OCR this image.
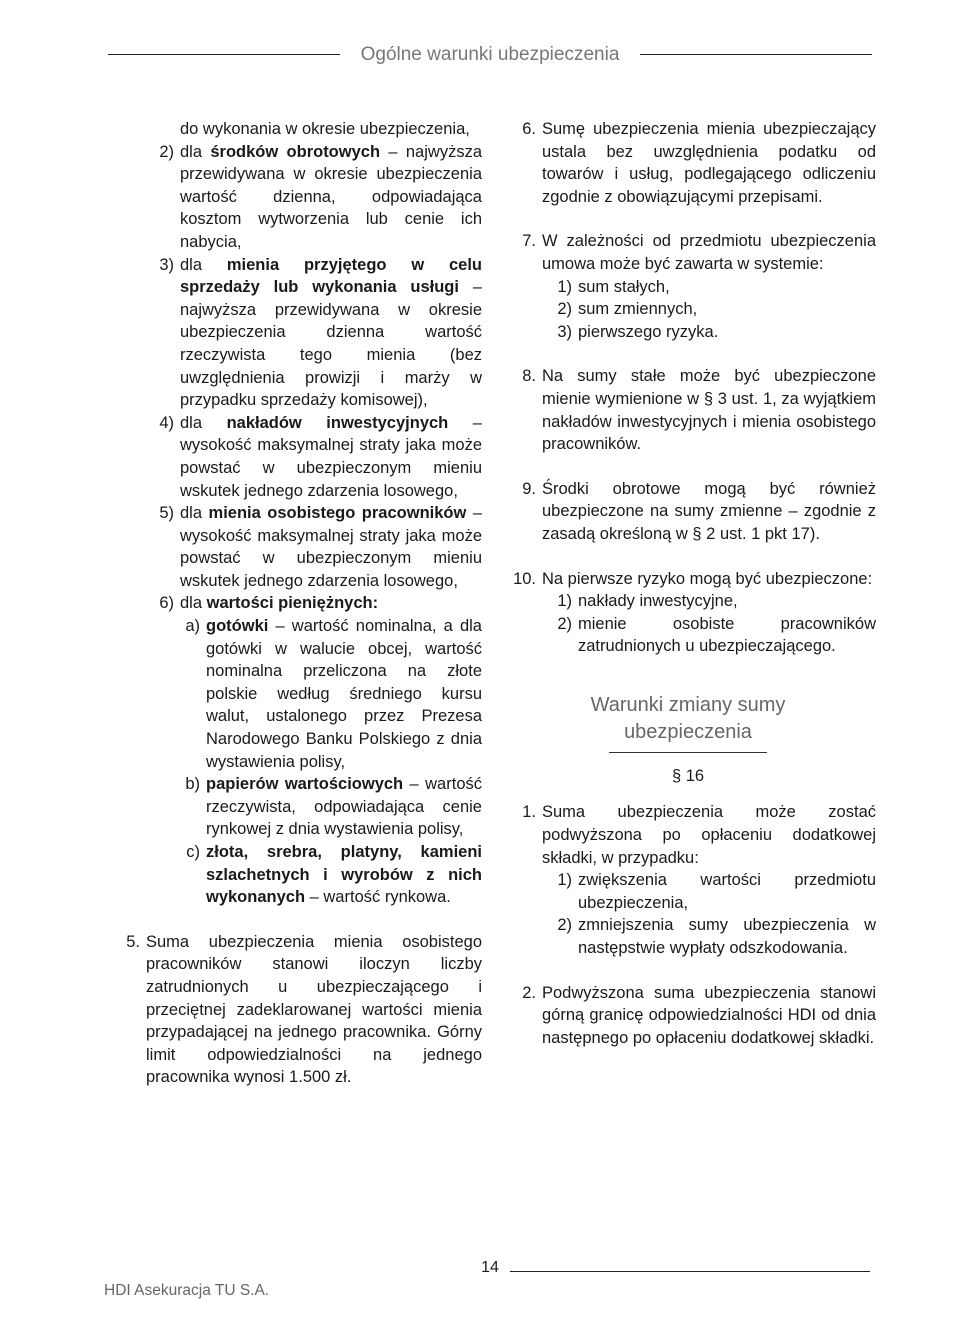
Ogólne warunki ubezpieczenia
do wykonania w okresie ubezpieczenia,
2) dla środków obrotowych – najwyższa przewidywana w okresie ubezpieczenia wartość dzienna, odpowiadająca kosztom wytworzenia lub cenie ich nabycia,
3) dla mienia przyjętego w celu sprzedaży lub wykonania usługi – najwyższa przewidywana w okresie ubezpieczenia dzienna wartość rzeczywista tego mienia (bez uwzględnienia prowizji i marży w przypadku sprzedaży komisowej),
4) dla nakładów inwestycyjnych – wysokość maksymalnej straty jaka może powstać w ubezpieczonym mieniu wskutek jednego zdarzenia losowego,
5) dla mienia osobistego pracowników – wysokość maksymalnej straty jaka może powstać w ubezpieczonym mieniu wskutek jednego zdarzenia losowego,
6) dla wartości pieniężnych:
a) gotówki – wartość nominalna, a dla gotówki w walucie obcej, wartość nominalna przeliczona na złote polskie według średniego kursu walut, ustalonego przez Prezesa Narodowego Banku Polskiego z dnia wystawienia polisy,
b) papierów wartościowych – wartość rzeczywista, odpowiadająca cenie rynkowej z dnia wystawienia polisy,
c) złota, srebra, platyny, kamieni szlachetnych i wyrobów z nich wykonanych – wartość rynkowa.
5. Suma ubezpieczenia mienia osobistego pracowników stanowi iloczyn liczby zatrudnionych u ubezpieczającego i przeciętnej zadeklarowanej wartości mienia przypadającej na jednego pracownika. Górny limit odpowiedzialności na jednego pracownika wynosi 1.500 zł.
6. Sumę ubezpieczenia mienia ubezpieczający ustala bez uwzględnienia podatku od towarów i usług, podlegającego odliczeniu zgodnie z obowiązującymi przepisami.
7. W zależności od przedmiotu ubezpieczenia umowa może być zawarta w systemie:
1) sum stałych,
2) sum zmiennych,
3) pierwszego ryzyka.
8. Na sumy stałe może być ubezpieczone mienie wymienione w § 3 ust. 1, za wyjątkiem nakładów inwestycyjnych i mienia osobistego pracowników.
9. Środki obrotowe mogą być również ubezpieczone na sumy zmienne – zgodnie z zasadą określoną w § 2 ust. 1 pkt 17).
10. Na pierwsze ryzyko mogą być ubezpieczone:
1) nakłady inwestycyjne,
2) mienie osobiste pracowników zatrudnionych u ubezpieczającego.
Warunki zmiany sumy ubezpieczenia
§ 16
1. Suma ubezpieczenia może zostać podwyższona po opłaceniu dodatkowej składki, w przypadku:
1) zwiększenia wartości przedmiotu ubezpieczenia,
2) zmniejszenia sumy ubezpieczenia w następstwie wypłaty odszkodowania.
2. Podwyższona suma ubezpieczenia stanowi górną granicę odpowiedzialności HDI od dnia następnego po opłaceniu dodatkowej składki.
14
HDI Asekuracja TU S.A.
